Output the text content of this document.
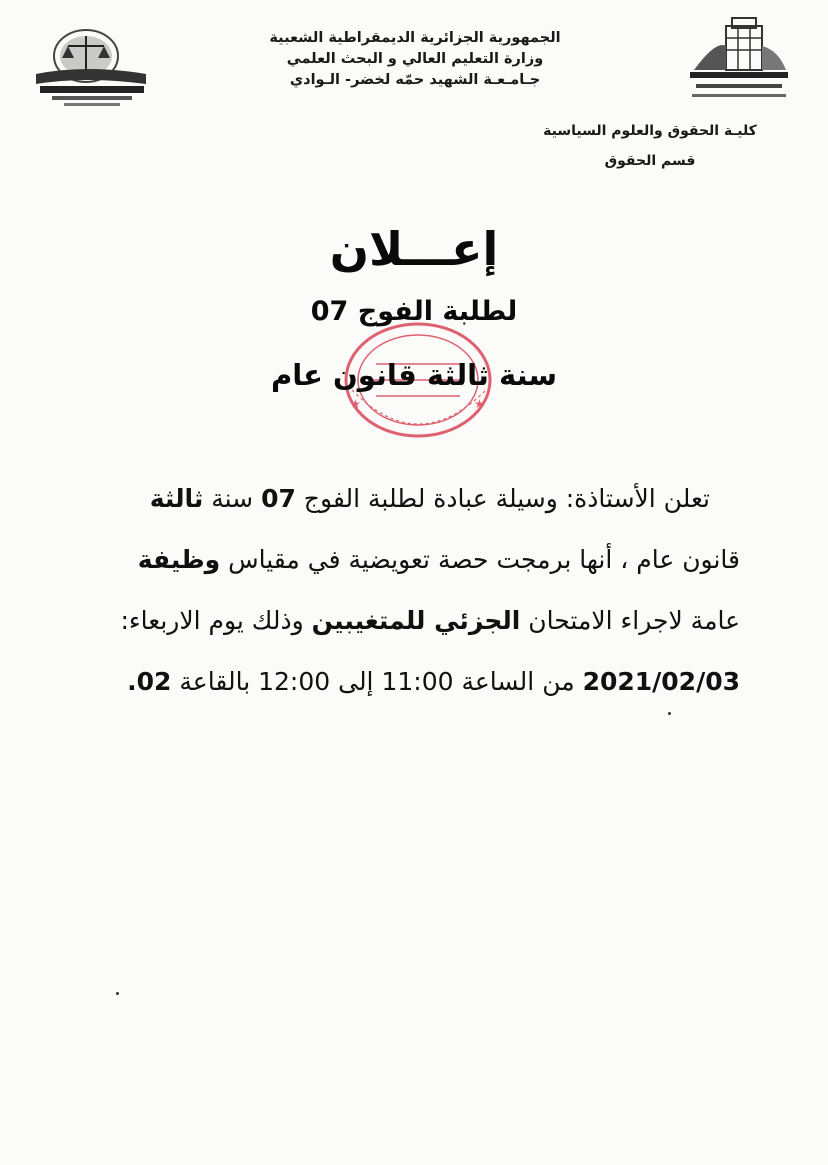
الجمهورية الجزائرية الديمقراطية الشعبية
وزارة التعليم العالي و البحث العلمي
جـامـعـة الشهيد حمّه لخضر- الـوادي
كليـة الحقوق والعلوم السياسية
قسم الحقوق
★	★
إعـــلان
لطلبة الفوج 07
سنة ثالثة قانون عام
تعلن الأستاذة: وسيلة عبادة لطلبة الفوج 07 سنة ثالثة
قانون عام ، أنها برمجت حصة تعويضية في مقياس وظيفة
عامة لاجراء الامتحان الجزئي للمتغيبين وذلك يوم الاربعاء:
2021/02/03 من الساعة 11:00 إلى 12:00 بالقاعة 02.
